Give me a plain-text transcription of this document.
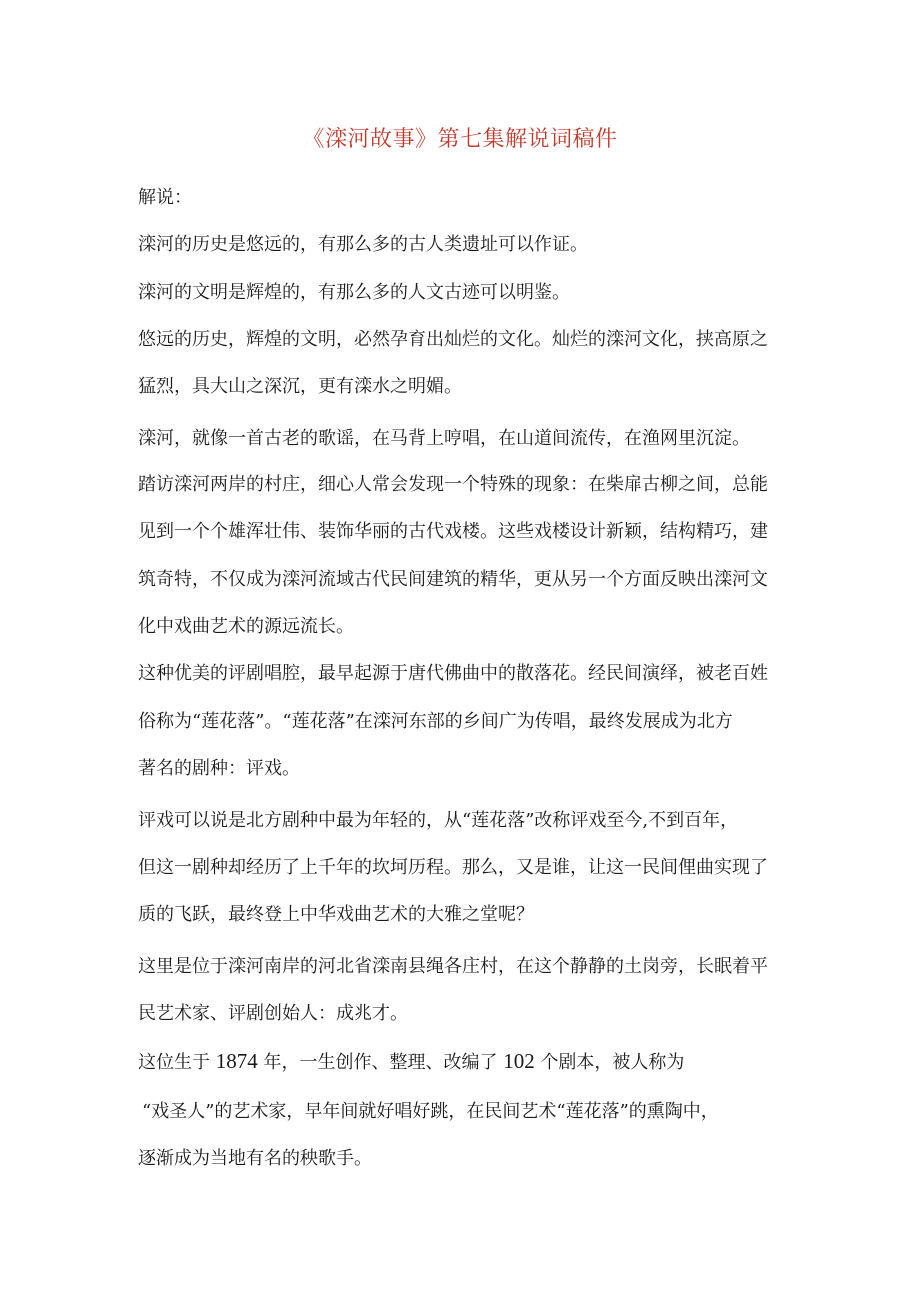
《滦河故事》第七集解说词稿件
解说：
滦河的历史是悠远的，有那么多的古人类遗址可以作证。
滦河的文明是辉煌的，有那么多的人文古迹可以明鉴。
悠远的历史，辉煌的文明，必然孕育出灿烂的文化。灿烂的滦河文化，挟高原之
猛烈，具大山之深沉，更有滦水之明媚。
滦河，就像一首古老的歌谣，在马背上哼唱，在山道间流传，在渔网里沉淀。
踏访滦河两岸的村庄，细心人常会发现一个特殊的现象：在柴扉古柳之间，总能
见到一个个雄浑壮伟、装饰华丽的古代戏楼。这些戏楼设计新颖，结构精巧，建
筑奇特，不仅成为滦河流域古代民间建筑的精华，更从另一个方面反映出滦河文
化中戏曲艺术的源远流长。
这种优美的评剧唱腔，最早起源于唐代佛曲中的散落花。经民间演绎，被老百姓
俗称为“莲花落”。“莲花落”在滦河东部的乡间广为传唱，最终发展成为北方
著名的剧种：评戏。
评戏可以说是北方剧种中最为年轻的，从“莲花落”改称评戏至今,不到百年，
但这一剧种却经历了上千年的坎坷历程。那么，又是谁，让这一民间俚曲实现了
质的飞跃，最终登上中华戏曲艺术的大雅之堂呢？
这里是位于滦河南岸的河北省滦南县绳各庄村，在这个静静的土岗旁，长眠着平
民艺术家、评剧创始人：成兆才。
这位生于 1874 年，一生创作、整理、改编了 102 个剧本，被人称为
“戏圣人”的艺术家，早年间就好唱好跳，在民间艺术“莲花落”的熏陶中，
逐渐成为当地有名的秧歌手。
